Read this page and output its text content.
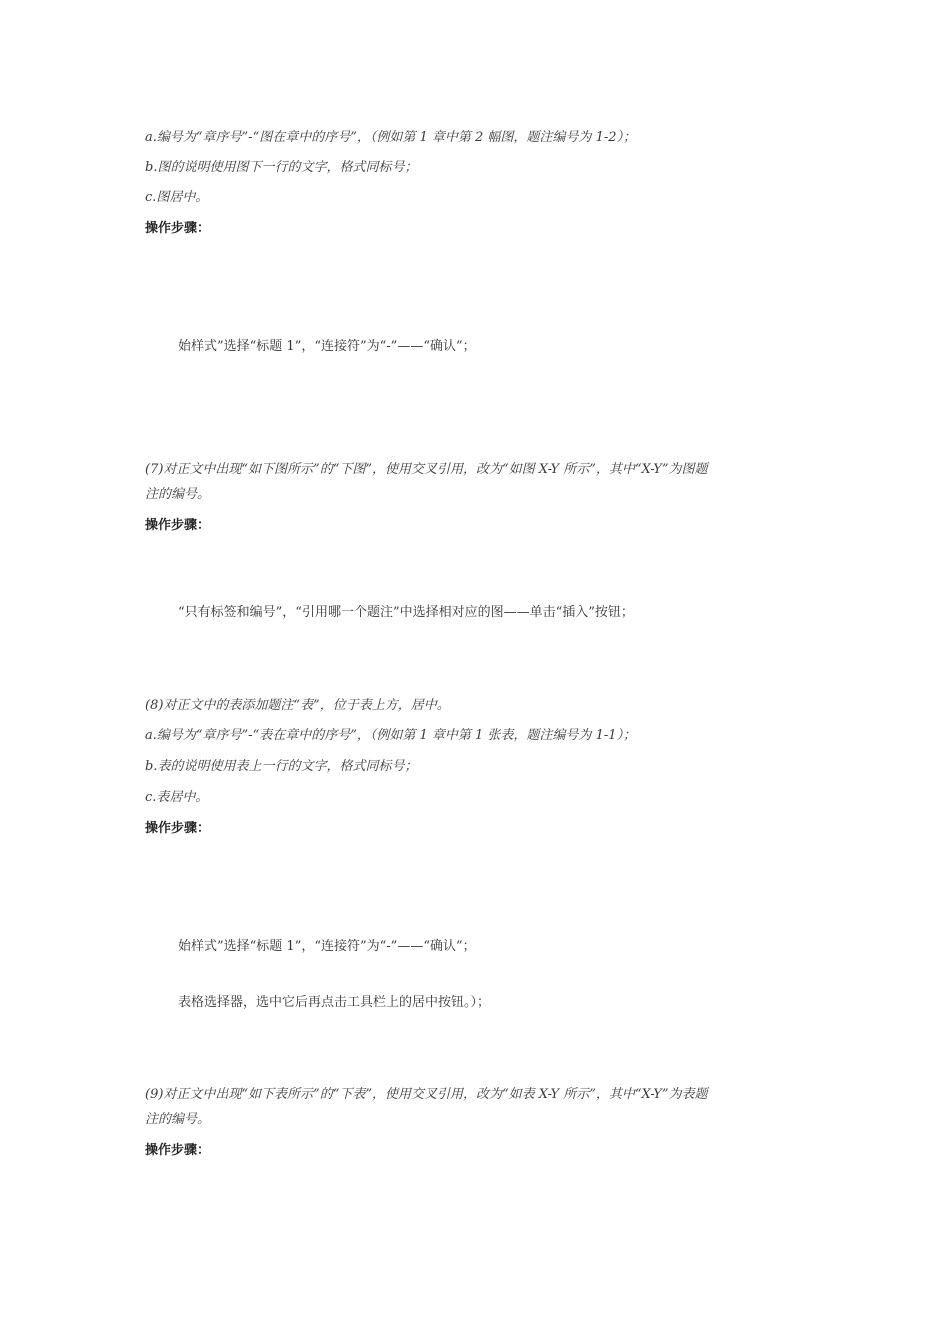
a.编号为“章序号”-“图在章中的序号”，（例如第 1 章中第 2 幅图，题注编号为 1-2）；
b.图的说明使用图下一行的文字，格式同标号；
c.图居中。
操作步骤：
始样式”选择“标题 1”，“连接符”为“-”——“确认”；
(7)对正文中出现“如下图所示”的“下图”，使用交叉引用，改为“如图 X-Y 所示”，其中“X-Y”为图题
注的编号。
操作步骤：
“只有标签和编号”，“引用哪一个题注”中选择相对应的图——单击“插入”按钮；
(8)对正文中的表添加题注“表”，位于表上方，居中。
a.编号为“章序号”-“表在章中的序号”，（例如第 1 章中第 1 张表，题注编号为 1-1）；
b.表的说明使用表上一行的文字，格式同标号；
c.表居中。
操作步骤：
始样式”选择“标题 1”，“连接符”为“-”——“确认”；
表格选择器，选中它后再点击工具栏上的居中按钮。）；
(9)对正文中出现“如下表所示”的“下表”，使用交叉引用，改为“如表 X-Y 所示”，其中“X-Y”为表题
注的编号。
操作步骤：
